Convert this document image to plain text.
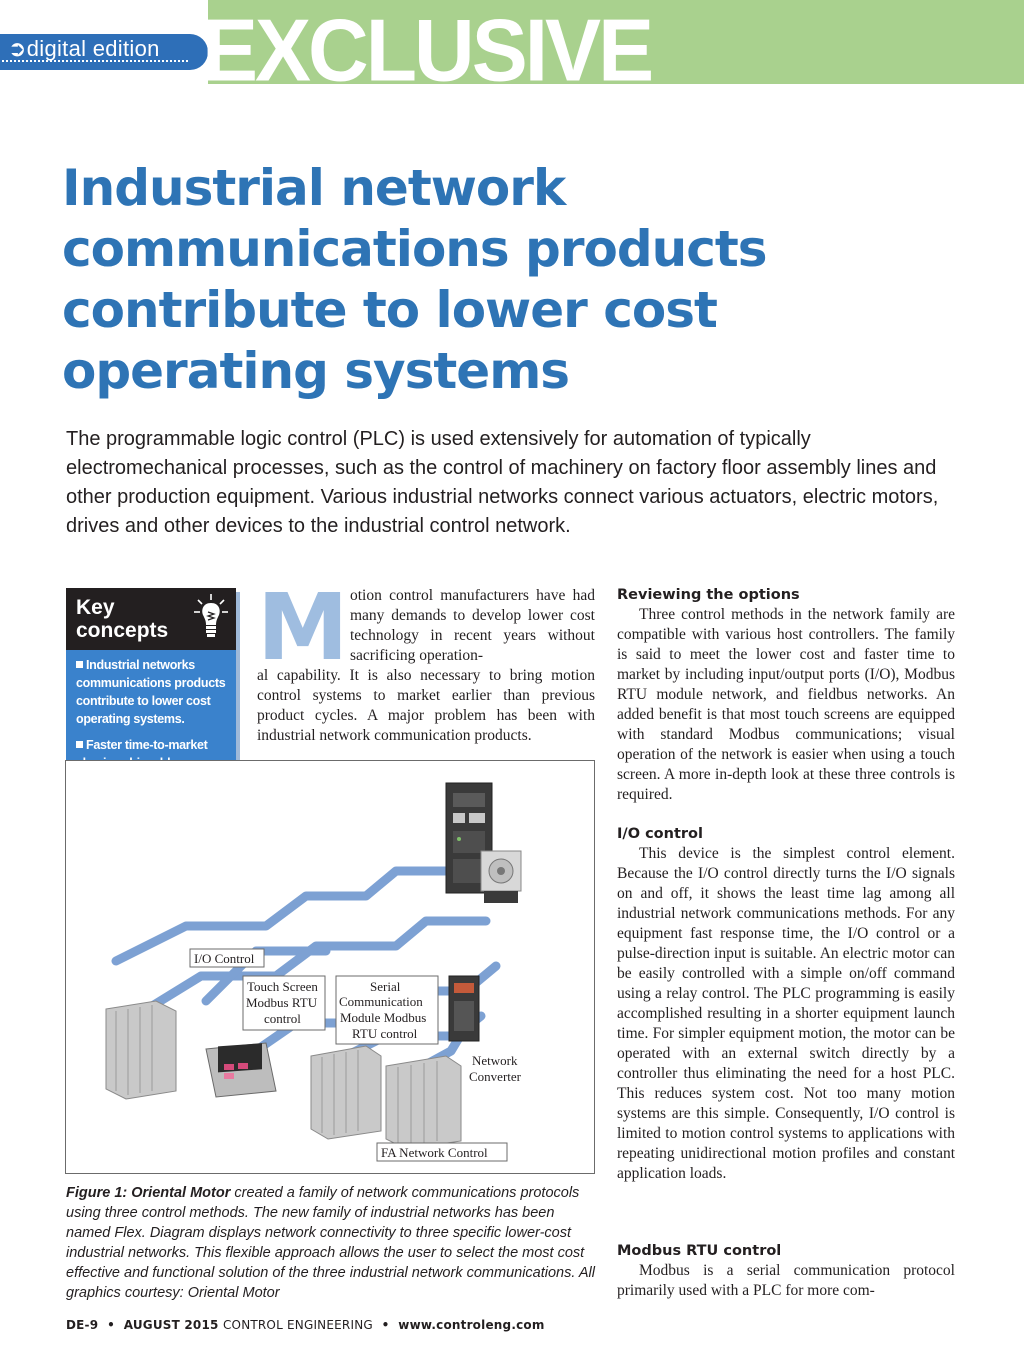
➲digital edition EXCLUSIVE
Industrial network communications products contribute to lower cost operating systems

The programmable logic control (PLC) is used extensively for automation of typically electromechanical processes, such as the control of machinery on factory floor assembly lines and other production equipment. Various industrial networks connect various actuators, electric motors, drives and other devices to the industrial control network.

Key concepts
Industrial networks communications products contribute to lower cost operating systems.
Faster time-to-market
M otion control manufacturers have had many demands to develop lower cost technology in recent years without sacrificing operation-

al capability. It is also necessary to bring motion control systems to market earlier than previous product cycles. A major problem has been with industrial network communication products.

I/O Control
Touch Screen
Modbus RTU
control
Serial
Communication
Module Modbus
RTU control
Network
Converter
FA Network Control

Figure 1: Oriental Motor created a family of network communications protocols using three control methods. The new family of industrial networks has been named Flex. Diagram displays network connectivity to three specific lower-cost industrial networks. This flexible approach allows the user to select the most cost effective and functional solution of the three industrial network communications. All graphics courtesy: Oriental Motor

Reviewing the options

Three control methods in the network family are compatible with various host controllers. The family is said to meet the lower cost and faster time to market by including input/output ports (I/O), Modbus RTU module network, and fieldbus networks. An added benefit is that most touch screens are equipped with standard Modbus communications; visual operation of the network is easier when using a touch screen. A more in-depth look at these three controls is required.

I/O control

This device is the simplest control element. Because the I/O control directly turns the I/O signals on and off, it shows the least time lag among all industrial network communications methods. For any equipment fast response time, the I/O control or a pulse-direction input is suitable. An electric motor can be easily controlled with a simple on/off command using a relay control. The PLC programming is easily accomplished resulting in a shorter equipment launch time. For simpler equipment motion, the motor can be operated with an external switch directly by a controller thus eliminating the need for a host PLC. This reduces system cost. Not too many motion systems are this simple. Consequently, I/O control is limited to motion control systems to applications with repeating unidirectional motion profiles and constant application loads.

Modbus RTU control

Modbus is a serial communication protocol primarily used with a PLC for more com-

DE-9 • AUGUST 2015 CONTROL ENGINEERING • www.controleng.com
